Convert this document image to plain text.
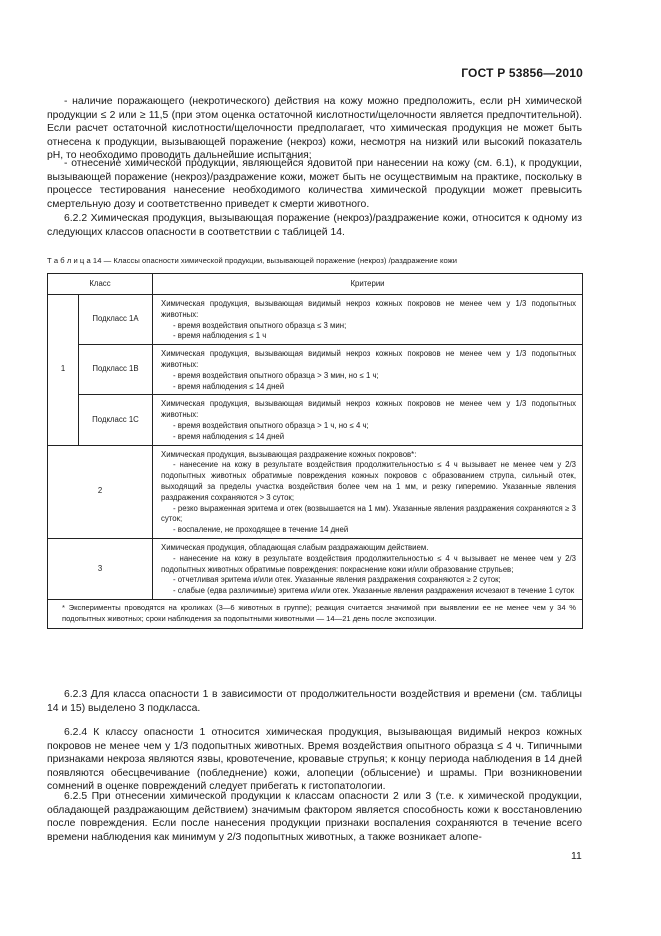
ГОСТ Р 53856—2010

- наличие поражающего (некротического) действия на кожу можно предположить, если pH химической продукции ≤ 2 или ≥ 11,5 (при этом оценка остаточной кислотности/щелочности является предпочтительной). Если расчет остаточной кислотности/щелочности предполагает, что химическая продукция не может быть отнесена к продукции, вызывающей поражение (некроз) кожи, несмотря на низкий или высокий показатель pH, то необходимо проводить дальнейшие испытания;

- отнесение химической продукции, являющейся ядовитой при нанесении на кожу (см. 6.1), к продукции, вызывающей поражение (некроз)/раздражение кожи, может быть не осуществимым на практике, поскольку в процессе тестирования нанесение необходимого количества химической продукции может превысить смертельную дозу и соответственно приведет к смерти животного.

6.2.2 Химическая продукция, вызывающая поражение (некроз)/раздражение кожи, относится к одному из следующих классов опасности в соответствии с таблицей 14.

Т а б л и ц а 14 — Классы опасности химической продукции, вызывающей поражение (некроз) /раздражение кожи
Класс		Критерии
1	Подкласс 1A	Химическая продукция, вызывающая видимый некроз кожных покровов не менее чем у 1/3 подопытных животных:
- время воздействия опытного образца ≤ 3 мин;
- время наблюдения ≤ 1 ч

	Подкласс 1B	Химическая продукция, вызывающая видимый некроз кожных покровов не менее чем у 1/3 подопытных животных:
- время воздействия опытного образца > 3 мин, но ≤ 1 ч;
- время наблюдения ≤ 14 дней

	Подкласс 1C	Химическая продукция, вызывающая видимый некроз кожных покровов не менее чем у 1/3 подопытных животных:
- время воздействия опытного образца > 1 ч, но ≤ 4 ч;
- время наблюдения ≤ 14 дней

2		Химическая продукция, вызывающая раздражение кожных покровов*:
- нанесение на кожу в результате воздействия продолжительностью ≤ 4 ч вызывает не менее чем у 2/3 подопытных животных обратимые повреждения кожных покровов с образованием струпа, сильный отек, выходящий за пределы участка воздействия более чем на 1 мм, и резку гиперемию. Указанные явления раздражения сохраняются > 3 суток;
- резко выраженная эритема и отек (возвышается на 1 мм). Указанные явления раздражения сохраняются ≥ 3 суток;
- воспаление, не проходящее в течение 14 дней

3		Химическая продукция, обладающая слабым раздражающим действием.
- нанесение на кожу в результате воздействия продолжительностью ≤ 4 ч вызывает не менее чем у 2/3 подопытных животных обратимые повреждения: покраснение кожи и/или образование струпьев;
- отчетливая эритема и/или отек. Указанные явления раздражения сохраняются ≥ 2 суток;
- слабые (едва различимые) эритема и/или отек. Указанные явления раздражения исчезают в течение 1 суток

* Эксперименты проводятся на кроликах (3—6 животных в группе); реакция считается значимой при выявлении ее не менее чем у 34 % подопытных животных; сроки наблюдения за подопытными животными — 14—21 день после экспозиции.		

6.2.3 Для класса опасности 1 в зависимости от продолжительности воздействия и времени (см. таблицы 14 и 15) выделено 3 подкласса.

6.2.4 К классу опасности 1 относится химическая продукция, вызывающая видимый некроз кожных покровов не менее чем у 1/3 подопытных животных. Время воздействия опытного образца ≤ 4 ч. Типичными признаками некроза являются язвы, кровотечение, кровавые струпья; к концу периода наблюдения в 14 дней появляются обесцвечивание (побледнение) кожи, алопеции (облысение) и шрамы. При возникновении сомнений в оценке повреждений следует прибегать к гистопатологии.

6.2.5 При отнесении химической продукции к классам опасности 2 или 3 (т.е. к химической продукции, обладающей раздражающим действием) значимым фактором является способность кожи к восстановлению после повреждения. Если после нанесения продукции признаки воспаления сохраняются в течение всего времени наблюдения как минимум у 2/3 подопытных животных, а также возникает алопе-

11
